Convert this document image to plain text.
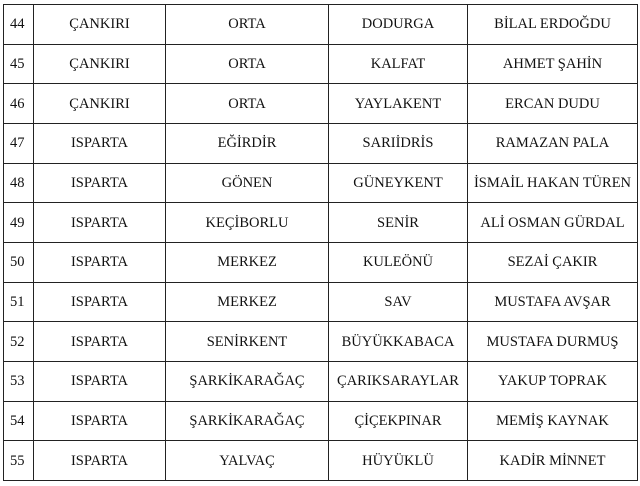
44	ÇANKIRI	ORTA	DODURGA	BİLAL ERDOĞDU
45	ÇANKIRI	ORTA	KALFAT	AHMET ŞAHİN
46	ÇANKIRI	ORTA	YAYLAKENT	ERCAN DUDU
47	ISPARTA	EĞİRDİR	SARIİDRİS	RAMAZAN PALA
48	ISPARTA	GÖNEN	GÜNEYKENT	İSMAİL HAKAN TÜREN
49	ISPARTA	KEÇİBORLU	SENİR	ALİ OSMAN GÜRDAL
50	ISPARTA	MERKEZ	KULEÖNÜ	SEZAİ ÇAKIR
51	ISPARTA	MERKEZ	SAV	MUSTAFA AVŞAR
52	ISPARTA	SENİRKENT	BÜYÜKKABACA	MUSTAFA DURMUŞ
53	ISPARTA	ŞARKİKARAĞAÇ	ÇARIKSARAYLAR	YAKUP TOPRAK
54	ISPARTA	ŞARKİKARAĞAÇ	ÇİÇEKPINAR	MEMİŞ KAYNAK
55	ISPARTA	YALVAÇ	HÜYÜKLÜ	KADİR MİNNET
